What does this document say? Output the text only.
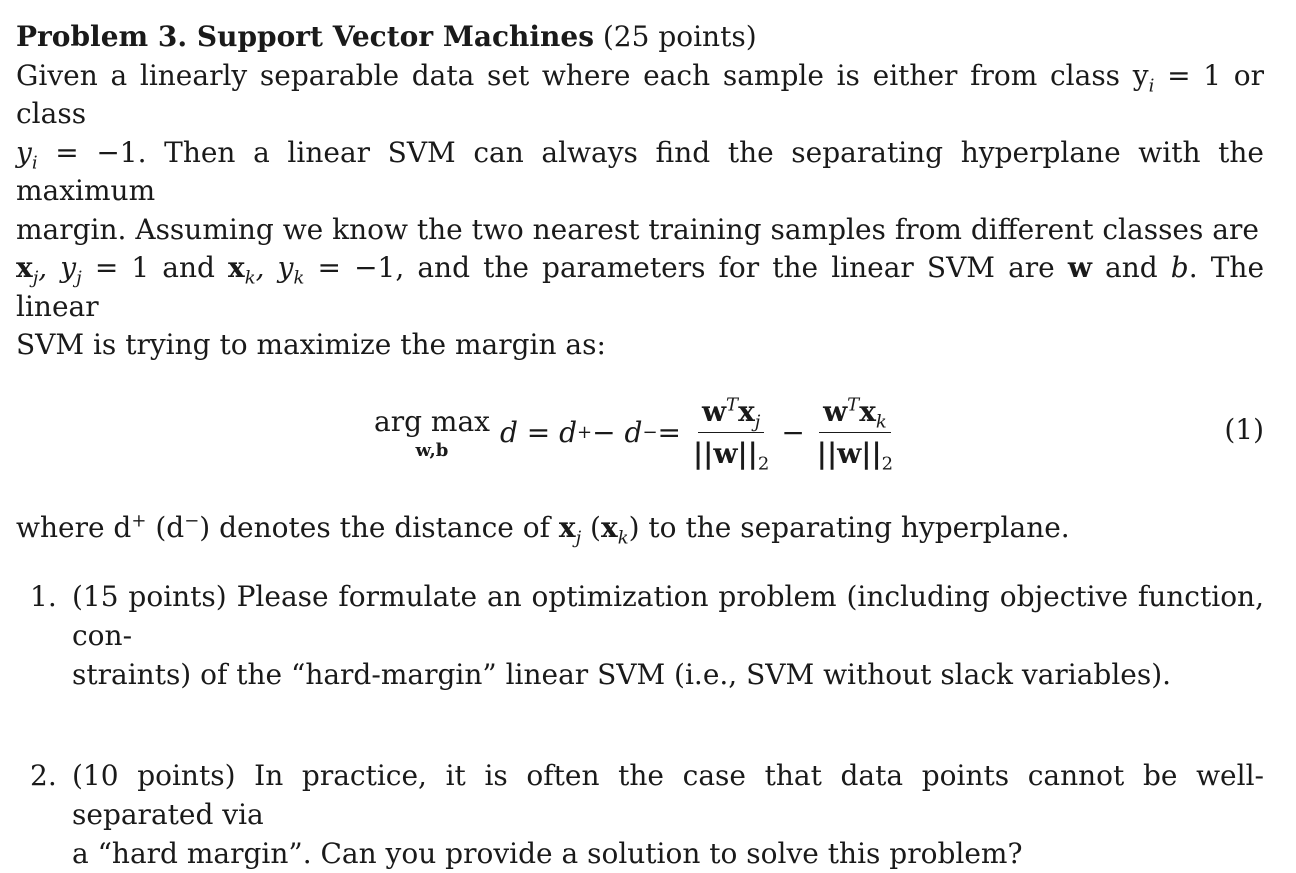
Problem 3. Support Vector Machines (25 points)
Given a linearly separable data set where each sample is either from class $y_i = 1$ or class
$y_i = -1$. Then a linear SVM can always find the separating hyperplane with the maximum
margin. Assuming we know the two nearest training samples from different classes are
$x_j$, $y_j = 1$ and $x_k$, $y_k = -1$, and the parameters for the linear SVM are w and b. The linear
SVM is trying to maximize the margin as:

arg max
w,b
d = d + − d − = $\frac{w^Tx_j}{||w||_2} - \frac{w^Tx_k}{||w||_2}$	(1)

where d+ (d−) denotes the distance of $x_j$ $(x_k)$ to the separating hyperplane.

1. (15 points) Please formulate an optimization problem (including objective function, con-
straints) of the “hard-margin” linear SVM (i.e., SVM without slack variables).

2. (10 points) In practice, it is often the case that data points cannot be well-separated via
a “hard margin”. Can you provide a solution to solve this problem?
